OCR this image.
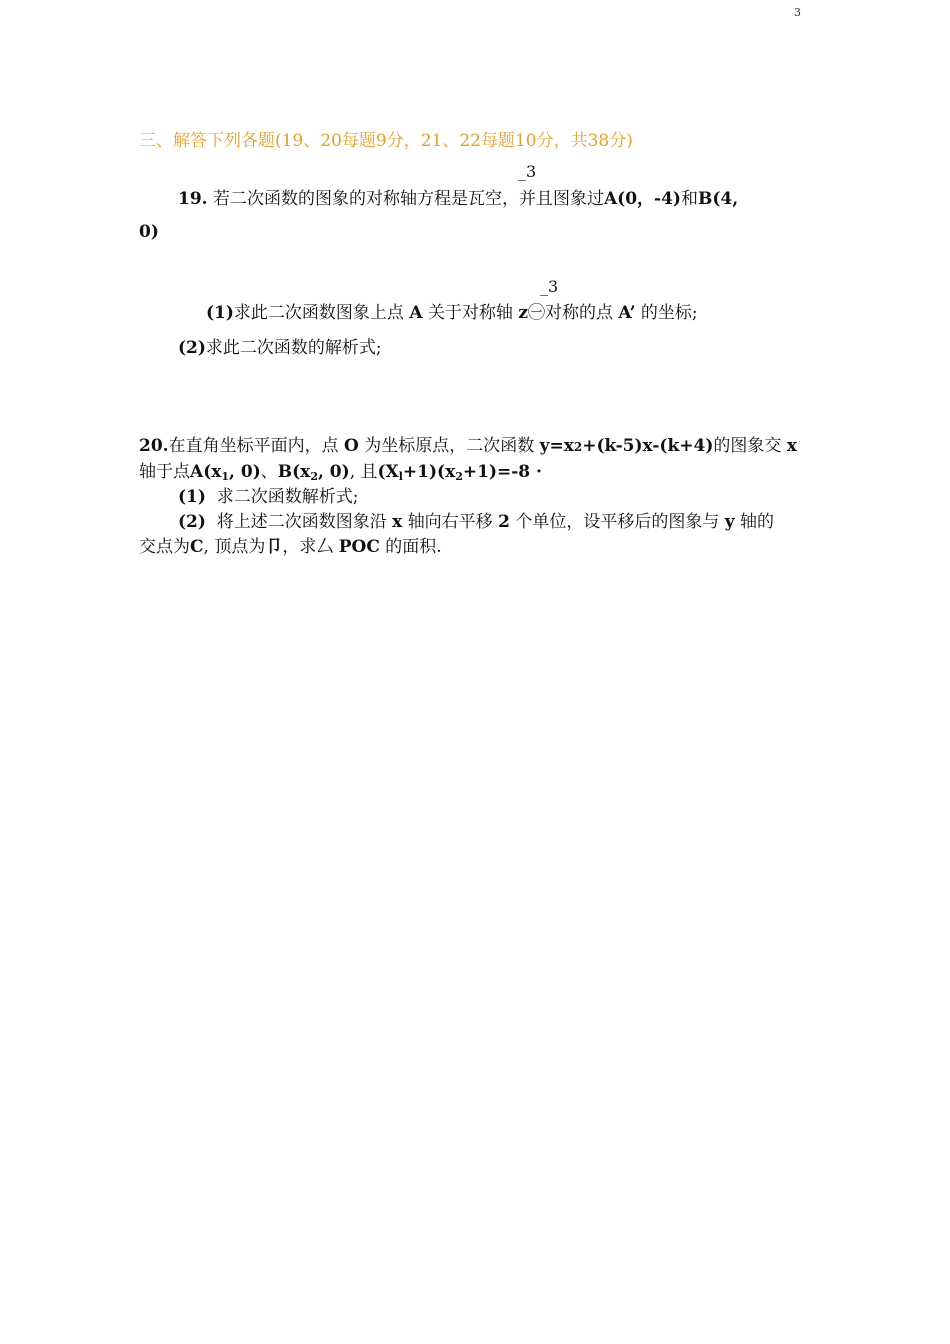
3
三、解答下列各题(19、20每题9分，21、22每题10分，共38分)
_3
19. 若二次函数的图象的对称轴方程是瓦空，并且图象过A(0，-4)和B(4,
0)
_3
(1)求此二次函数图象上点 A 关于对称轴 z㊀对称的点 A’ 的坐标;
(2)求此二次函数的解析式;
20.在直角坐标平面内，点 O 为坐标原点，二次函数 y=x2+(k-5)x-(k+4)的图象交 x
轴于点$A(x_1$, 0)、$B(x_2$, 0), 且$(X_l+1)(x_2+1)=-8$ ·
(1) 求二次函数解析式;
(2) 将上述二次函数图象沿 x 轴向右平移 2 个单位，设平移后的图象与 y 轴的
交点为C, 顶点为卩，求厶 POC 的面积.
